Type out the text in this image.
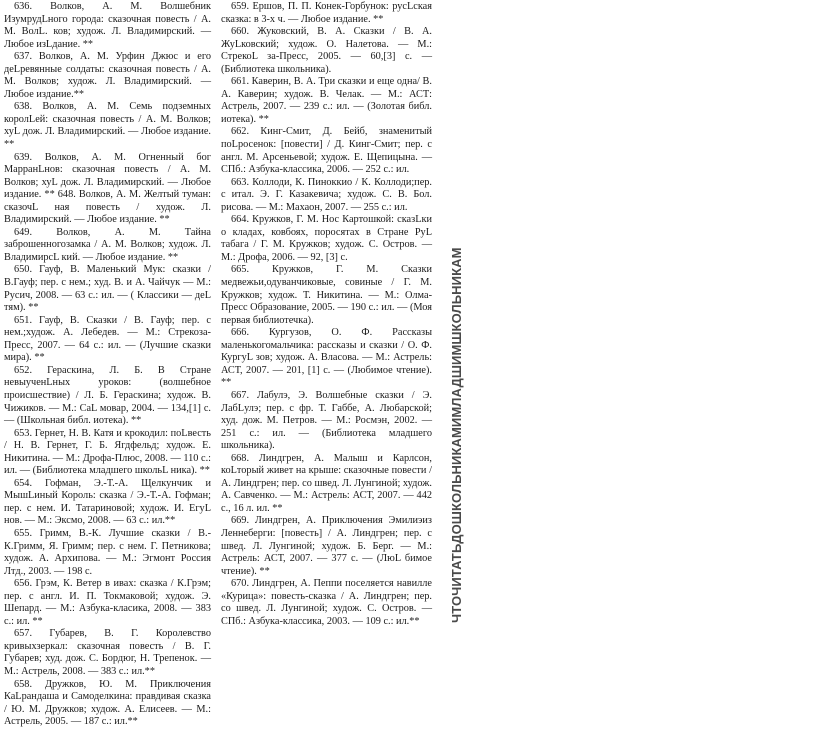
636. Волков, А. М. Волшебник ИзумрудLного города: сказочная повесть / А. М. ВолL. ков; худож. Л. Владимирский. — Любое изLданиe. **

637. Волков, А. М. Урфин Джюс и его деLревянные солдаты: сказочная повесть / А. М. Волков; худож. Л. Владимирский. — Любое издание.**

638. Волков, А. М. Семь подземных королLей: сказочная повесть / А. М. Волков; хуL дож. Л. Владимирский. — Любое издание. **

639. Волков, А. М. Огненный бог МарранLнов: сказочная повесть / А. М. Волков; хуL дож. Л. Владимирский. — Любое издание. ** 648. Волков, А. М. Желтый туман: сказочL ная повесть / худож. Л. Владимирский. — Любое издание. **

649. Волков, А. М. Тайна заброшенногозамка / А. М. Волков; худож. Л. ВладимирсL кий. — Любое издание. **

650. Гауф, В. Маленький Мук: сказки / В.Гауф; пер. с нем.; худ. В. и А. Чайчук — М.: Русич, 2008. — 63 с.: ил. — ( Классики — деL тям). **

651. Гауф, В. Сказки / В. Гауф; пер. с нем.;худож. А. Лебедев. — М.: Стрекоза-Пресс, 2007. — 64 с.: ил. — (Лучшие сказки мира). **

652. Гераскина, Л. Б. В Стране невыученLных уроков: (волшебное происшествие) / Л. Б. Гераскина; худож. В. Чижиков. — М.: СаL мовар, 2004. — 134,[1] с. — (Школьная библ. иотека). **

653. Гернет, Н. В. Катя и крокодил: поLвесть / Н. В. Гернет, Г. Б. Ягдфельд; худож. Е. Никитина. — М.: Дрофа-Плюс, 2008. — 110 с.: ил. — (Библиотека младшего школьL ника). **

654. Гофман, Э.-Т.-А. Щелкунчик и МышLиный Король: сказка / Э.-Т.-А. Гофман; пер. с нем. И. Татариновой; худож. И. ЕгуL нов. — М.: Эксмо, 2008. — 63 с.: ил.**

655. Гримм, В.-К. Лучшие сказки / В.-К.Гримм, Я. Гримм; пер. с нем. Г. Петникова; худож. А. Архипова. — М.: Эгмонт Россия Лтд., 2003. — 198 с.

656. Грэм, К. Ветер в ивах: сказка / К.Грэм; пер. с англ. И. П. Токмаковой; худож. Э. Шепард. — М.: Азбука-класика, 2008. — 383 с.: ил. **

657. Губарев, В. Г. Королевство кривыхзеркал: сказочная повесть / В. Г. Губарев; худ. дож. С. Бордюг, Н. Трепенок. — М.: Астрель, 2008. — 383 с.: ил.**

658. Дружков, Ю. М. Приключения КаLрандаша и Самоделкина: правдивая сказка / Ю. М. Дружков; худож. А. Елисеев. — М.: Астрель, 2005. — 187 с.: ил.**

659. Ершов, П. П. Конек-Горбунок: русLская сказка: в 3-х ч. — Любое издание. **

660. Жуковский, В. А. Сказки / В. А. ЖуLковский; худож. О. Налетова. — М.: СтрекоL за-Пресс, 2005. — 60,[3] с. — (Библиотека школьника).

661. Каверин, В. А. Три сказки и еще одна/ В. А. Каверин; худож. В. Челак. — М.: АСТ: Астрель, 2007. — 239 с.: ил. — (Золотая библ. иотека). **

662. Кинг-Смит, Д. Бейб, знаменитый поLросенок: [повести] / Д. Кинг-Смит; пер. с англ. М. Арсеньевой; худож. Е. Щепицына. — СПб.: Азбука-классика, 2006. — 252 с.: ил.

663. Коллоди, К. Пиноккио / К. Коллоди;пер. с итал. Э. Г. Казакевича; худож. С. В. Бол. рисова. — М.: Махаон, 2007. — 255 с.: ил.

664. Кружков, Г. М. Нос Картошкой: сказLки о кладах, ковбоях, поросятах в Стране РуL табага / Г. М. Кружков; худож. С. Остров. — М.: Дрофа, 2006. — 92, [3] с.

665. Кружков, Г. М. Сказки медвежьи,одуванчиковые, совиные / Г. М. Кружков; худож. Т. Никитина. — М.: Олма-Пресс Образование, 2005. — 190 с.: ил. — (Моя первая библиотечка).

666. Кургузов, О. Ф. Рассказы маленькогомальчика: рассказы и сказки / О. Ф. КургуL зов; худож. А. Власова. — М.: Астрель: АСТ, 2007. — 201, [1] с. — (Любимое чтение). **

667. Лабулэ, Э. Волшебные сказки / Э. ЛабLулэ; пер. с фр. Т. Габбе, А. Любарской; худ. дож. М. Петров. — М.: Росмэн, 2002. — 251 с.: ил. — (Библиотека младшего школьника).

668. Линдгрен, А. Малыш и Карлсон, коLторый живет на крыше: сказочные повести / А. Линдгрен; пер. со швед. Л. Лунгиной; худож. А. Савченко. — М.: Астрель: АСТ, 2007. — 442 с., 16 л. ил. **

669. Линдгрен, А. Приключения Эмилиэиз Леннеберги: [повесть] / А. Линдгрен; пер. с швед. Л. Лунгиной; худож. Б. Берг. — М.: Астрель: АСТ, 2007. — 377 с. — (ЛюL бимое чтение). **

670. Линдгрен, А. Пеппи поселяется навилле «Курица»: повесть-сказка / А. Линдгрен; пер. со швед. Л. Лунгиной; худож. С. Остров. — СПб.: Азбука-классика, 2003. — 109 с.: ил.**	ЧТОЧИТАТЬДОШКОЛЬНИКАМИМЛАДШИМШКОЛЬНИКАМ
